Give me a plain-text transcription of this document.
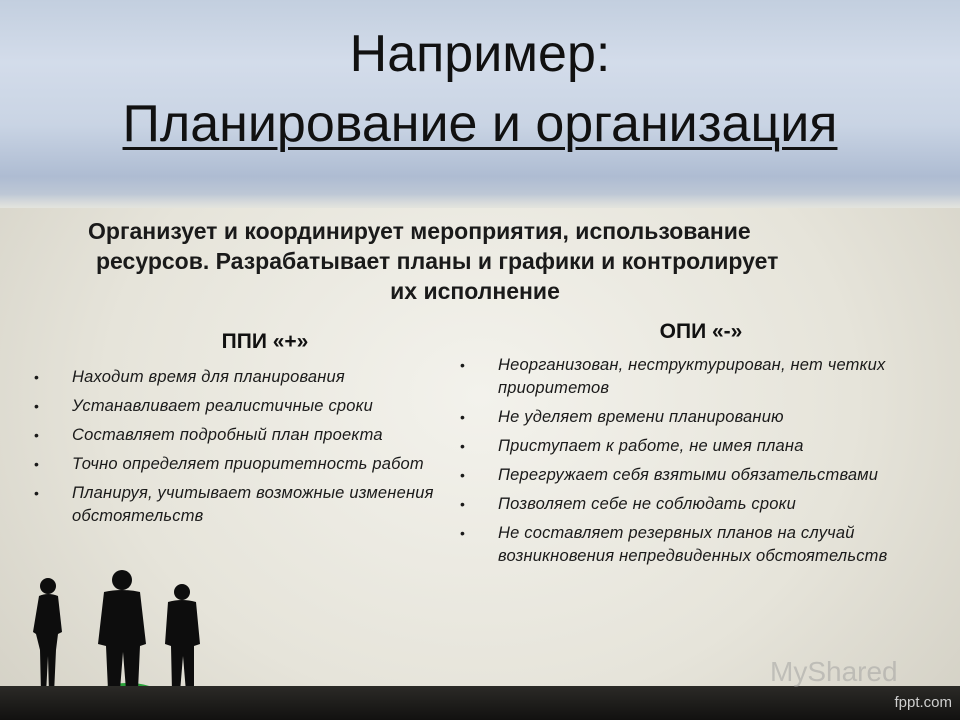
Например:
Планирование и организация
Организует и координирует мероприятия, использование
ресурсов. Разрабатывает планы и графики и контролирует
их исполнение
ППИ «+»
• Находит время для планирования
• Устанавливает реалистичные сроки
• Составляет подробный план проекта
• Точно определяет приоритетность работ
• Планируя, учитывает возможные изменения обстоятельств
ОПИ «-»
• Неорганизован, неструктурирован, нет четких приоритетов
• Не уделяет времени планированию
• Приступает к работе, не имея плана
• Перегружает себя взятыми обязательствами
• Позволяет себе не соблюдать сроки
• Не составляет резервных планов на случай возникновения непредвиденных обстоятельств
MyShared
fppt.com
